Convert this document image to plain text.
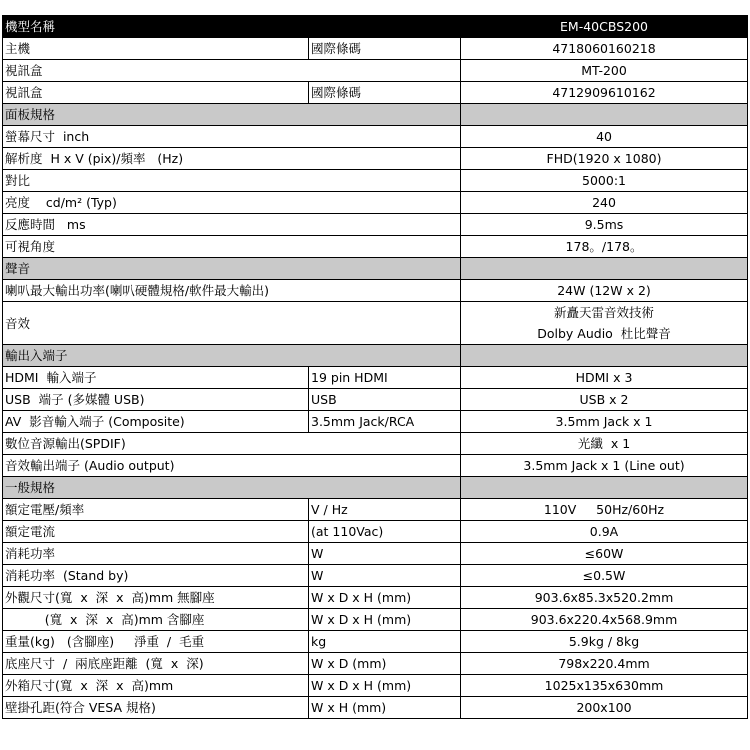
機型名稱		EM-40CBS200
主機	國際條碼	4718060160218
視訊盒		MT-200
視訊盒	國際條碼	4712909610162
面板規格		
螢幕尺寸  inch		40
解析度  H x V (pix)/頻率   (Hz)		FHD(1920 x 1080)
對比		5000:1
亮度    cd/m² (Typ)		240
反應時間   ms		9.5ms
可視角度		178。/178。
聲音		
喇叭最大輸出功率(喇叭硬體規格/軟件最大輸出)		24W (12W x 2)
音效		新矗天雷音效技術
Dolby Audio  杜比聲音

輸出入端子		
HDMI  輸入端子	19 pin HDMI	HDMI x 3
USB  端子 (多媒體 USB)	USB	USB x 2
AV  影音輸入端子 (Composite)	3.5mm Jack/RCA	3.5mm Jack x 1
數位音源輸出(SPDIF)		光纖  x 1
音效輸出端子 (Audio output)		3.5mm Jack x 1 (Line out)
一般規格		
額定電壓/頻率	V / Hz	110V     50Hz/60Hz
額定電流	(at 110Vac)	0.9A
消耗功率	W	≤60W
消耗功率  (Stand by)	W	≤0.5W
外觀尺寸(寬  x  深  x  高)mm 無腳座	W x D x H (mm)	903.6x85.3x520.2mm
(寬  x  深  x  高)mm 含腳座	W x D x H (mm)	903.6x220.4x568.9mm
重量(kg)   (含腳座)     淨重  /  毛重	kg	5.9kg / 8kg
底座尺寸  /  兩底座距離  (寬  x  深)	W x D (mm)	798x220.4mm
外箱尺寸(寬  x  深  x  高)mm	W x D x H (mm)	1025x135x630mm
壁掛孔距(符合 VESA 規格)	W x H (mm)	200x100
